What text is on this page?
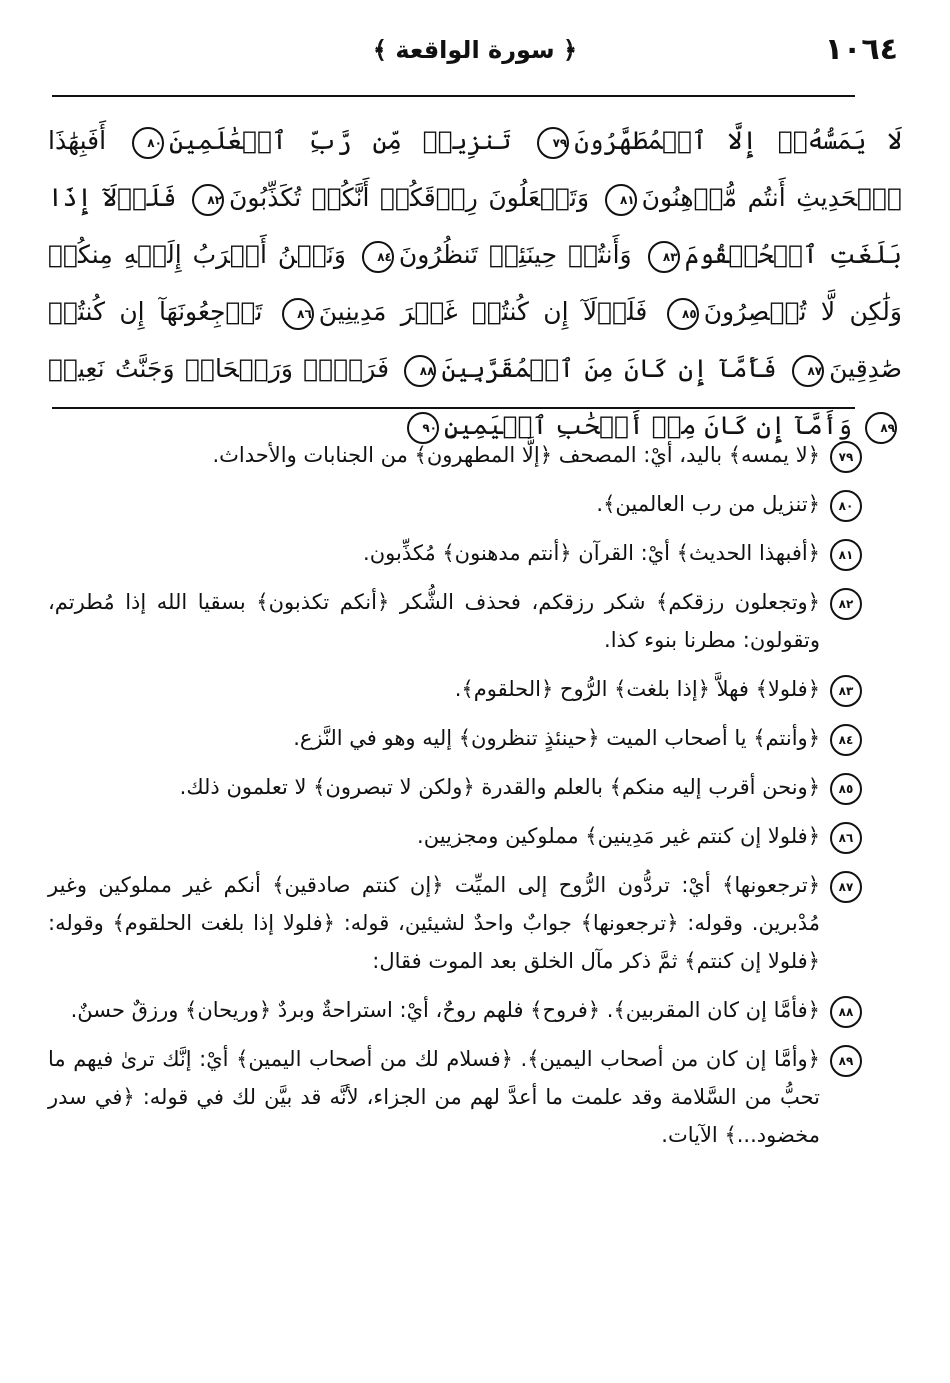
١٠٦٤
﴿ سورة الواقعة ﴾
لَا يَمَسُّهُۥٓ إِلَّا ٱلۡمُطَهَّرُونَ٧٩ تَنزِيلٞ مِّن رَّبِّ ٱلۡعَٰلَمِينَ٨٠ أَفَبِهَٰذَا ٱلۡحَدِيثِ أَنتُم مُّدۡهِنُونَ٨١ وَتَجۡعَلُونَ رِزۡقَكُمۡ أَنَّكُمۡ تُكَذِّبُونَ٨٢ فَلَوۡلَآ إِذَا بَلَغَتِ ٱلۡحُلۡقُومَ٨٣ وَأَنتُمۡ حِينَئِذٖ تَنظُرُونَ٨٤ وَنَحۡنُ أَقۡرَبُ إِلَيۡهِ مِنكُمۡ وَلَٰكِن لَّا تُبۡصِرُونَ٨٥ فَلَوۡلَآ إِن كُنتُمۡ غَيۡرَ مَدِينِينَ٨٦ تَرۡجِعُونَهَآ إِن كُنتُمۡ صَٰدِقِينَ٨٧ فَأَمَّآ إِن كَانَ مِنَ ٱلۡمُقَرَّبِينَ٨٨ فَرَوۡحٞ وَرَيۡحَانٞ وَجَنَّتُ نَعِيمٖ٨٩ وَأَمَّآ إِن كَانَ مِنۡ أَصۡحَٰبِ ٱلۡيَمِينِ٩٠
٧٩
﴿لا يمسه﴾ باليد، أيْ: المصحف ﴿إلَّا المطهرون﴾ من الجنابات والأحداث.
٨٠
﴿تنزيل من رب العالمين﴾.
٨١
﴿أفبهذا الحديث﴾ أيْ: القرآن ﴿أنتم مدهنون﴾ مُكذِّبون.
٨٢
﴿وتجعلون رزقكم﴾ شكر رزقكم، فحذف الشُّكر ﴿أنكم تكذبون﴾ بسقيا الله إذا مُطرتم، وتقولون: مطرنا بنوء كذا.
٨٣
﴿فلولا﴾ فهلاَّ ﴿إذا بلغت﴾ الرُّوح ﴿الحلقوم﴾.
٨٤
﴿وأنتم﴾ يا أصحاب الميت ﴿حينئذٍ تنظرون﴾ إليه وهو في النَّزع.
٨٥
﴿ونحن أقرب إليه منكم﴾ بالعلم والقدرة ﴿ولكن لا تبصرون﴾ لا تعلمون ذلك.
٨٦
﴿فلولا إن كنتم غير مَدِينين﴾ مملوكين ومجزيين.
٨٧
﴿ترجعونها﴾ أيْ: تردُّون الرُّوح إلى الميِّت ﴿إن كنتم صادقين﴾ أنكم غير مملوكين وغير مُدْبرين. وقوله: ﴿ترجعونها﴾ جوابٌ واحدٌ لشيئين، قوله: ﴿فلولا إذا بلغت الحلقوم﴾ وقوله: ﴿فلولا إن كنتم﴾ ثمَّ ذكر مآل الخلق بعد الموت فقال:
٨٨
﴿فأمَّا إن كان المقربين﴾. ﴿فروح﴾ فلهم روحٌ، أيْ: استراحةٌ وبردٌ ﴿وريحان﴾ ورزقٌ حسنٌ.
٨٩
﴿وأمَّا إن كان من أصحاب اليمين﴾. ﴿فسلام لك من أصحاب اليمين﴾ أيْ: إنَّك ترىٰ فيهم ما تحبُّ من السَّلامة وقد علمت ما أعدَّ لهم من الجزاء، لأنَّه قد بيَّن لك في قوله: ﴿في سدر مخضود...﴾ الآيات.
